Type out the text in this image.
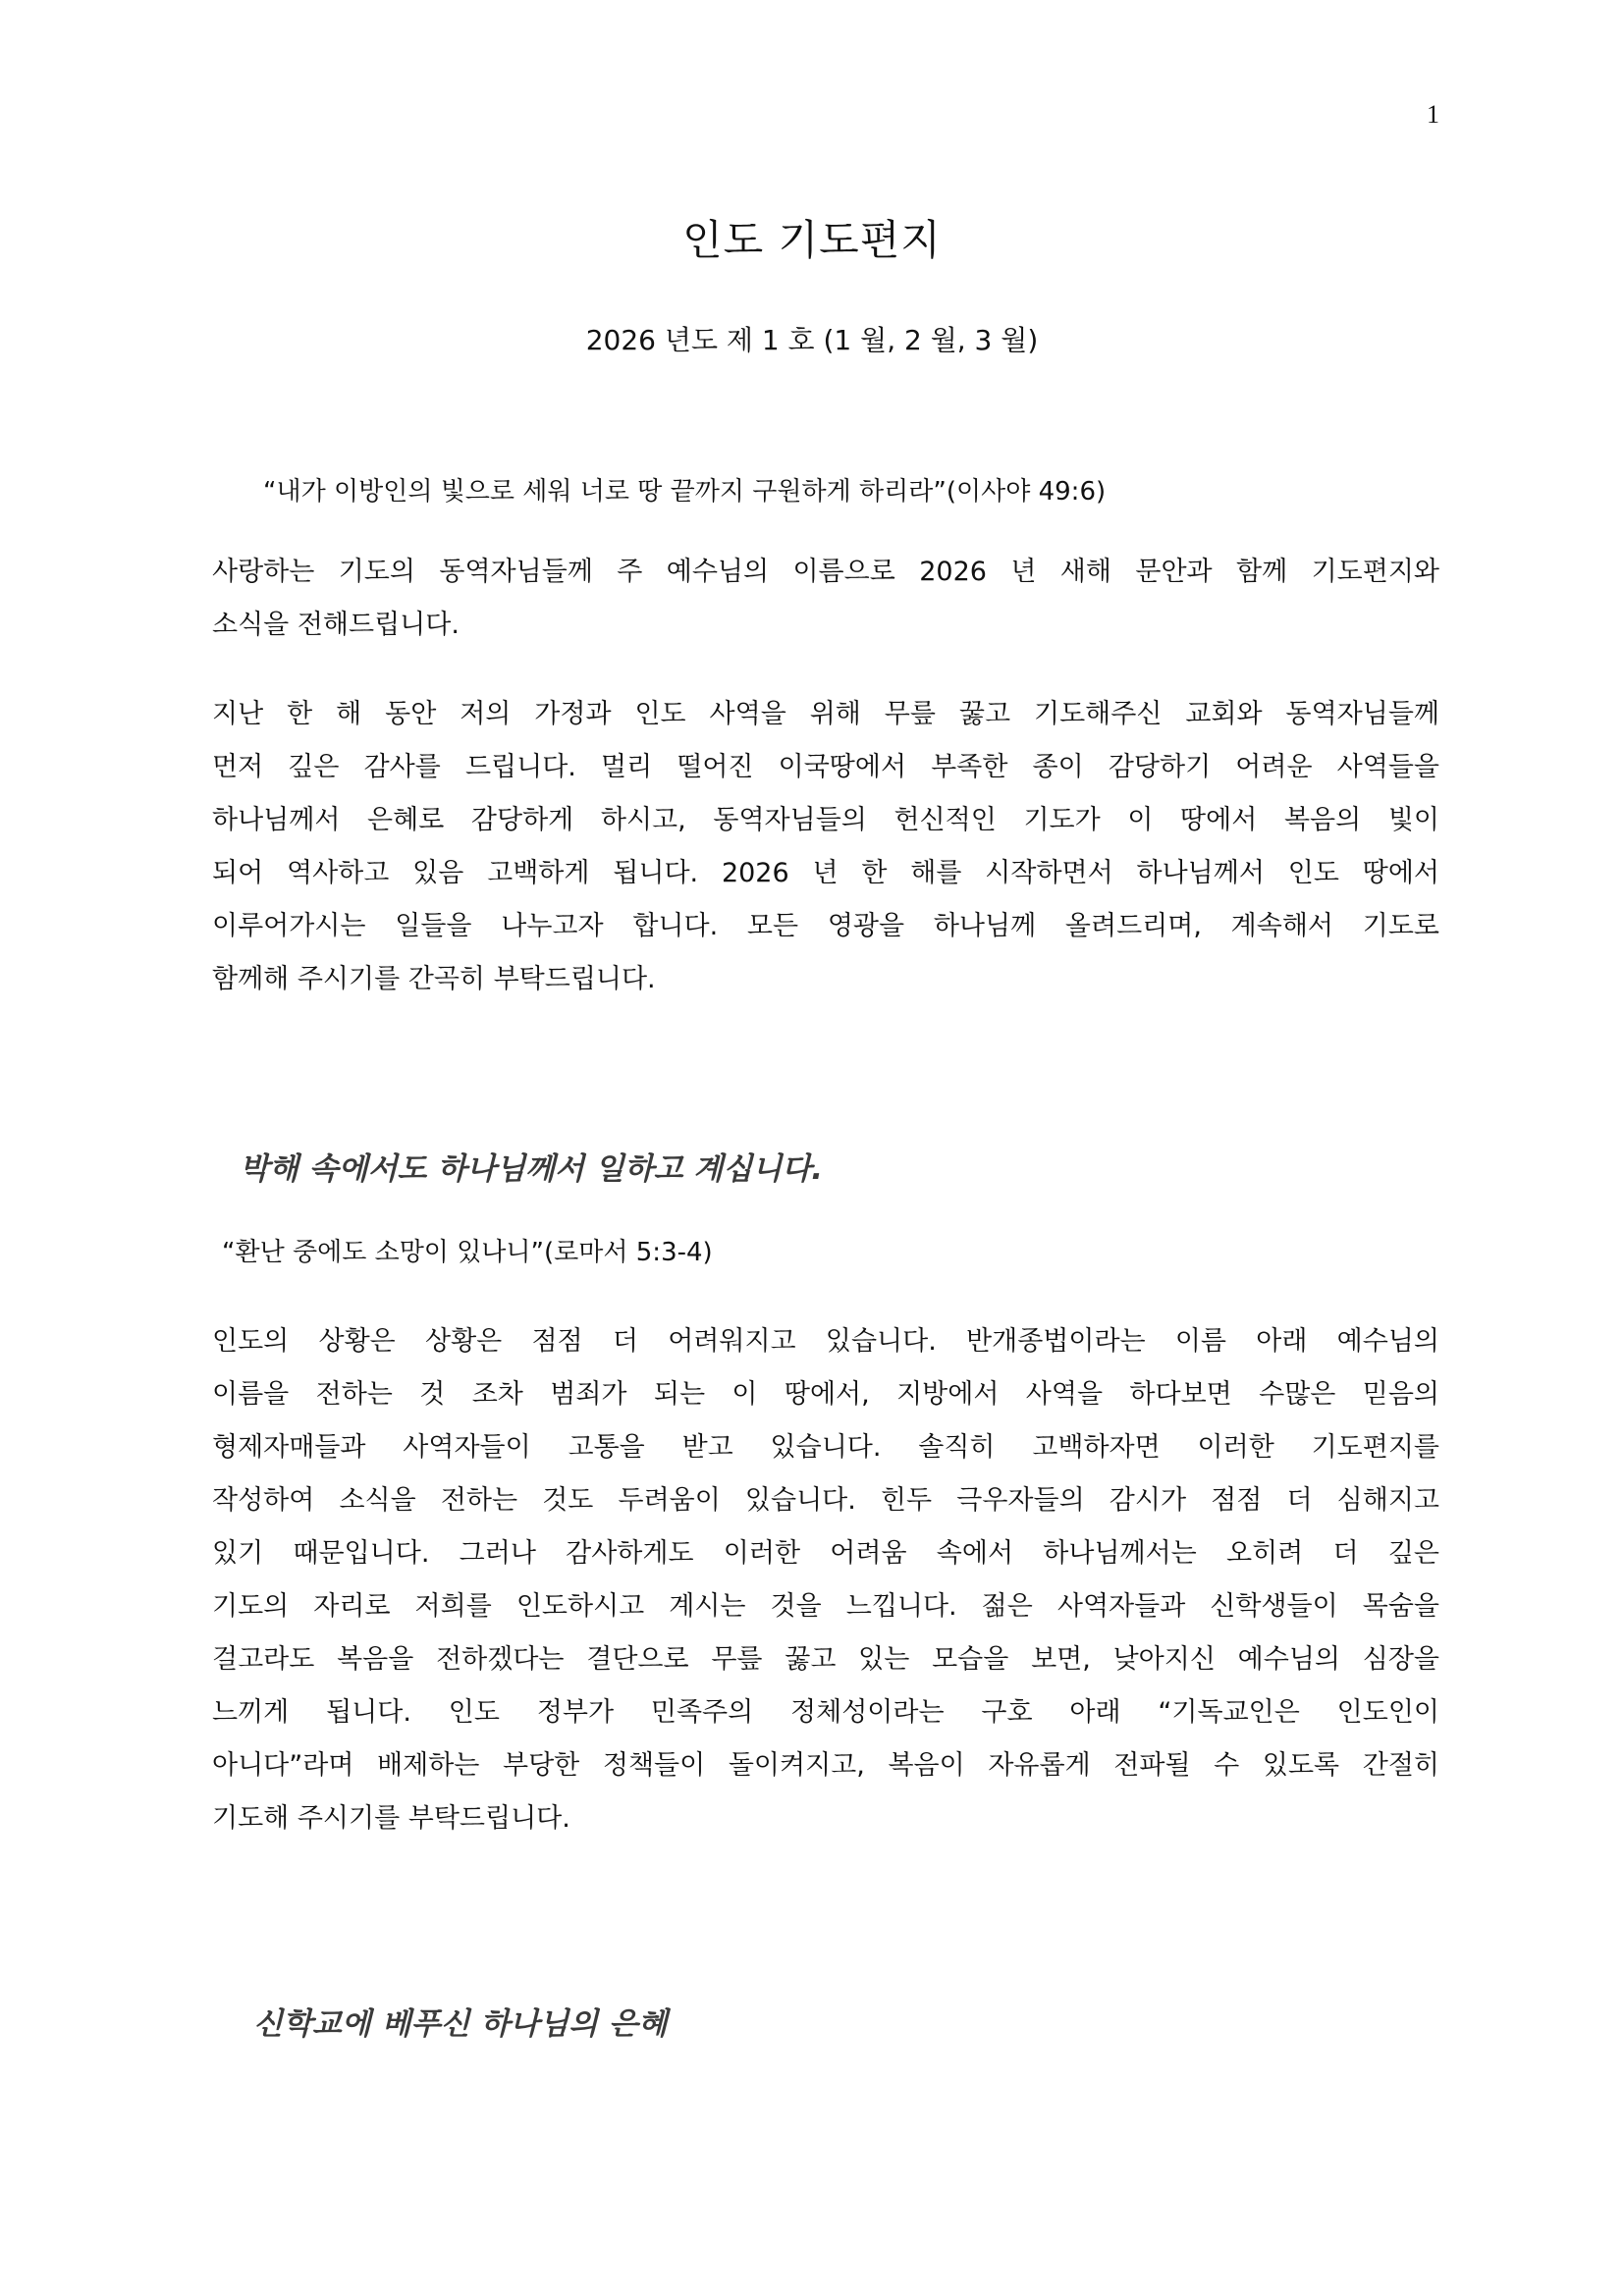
1
인도 기도편지
2026 년도 제 1 호 (1 월, 2 월, 3 월)
“내가 이방인의 빛으로 세워 너로 땅 끝까지 구원하게 하리라”(이사야 49:6)

사랑하는 기도의 동역자님들께 주 예수님의 이름으로 2026 년 새해 문안과 함께 기도편지와
소식을 전해드립니다.

지난 한 해 동안 저의 가정과 인도 사역을 위해 무릎 꿇고 기도해주신 교회와 동역자님들께
먼저 깊은 감사를 드립니다. 멀리 떨어진 이국땅에서 부족한 종이 감당하기 어려운 사역들을
하나님께서 은혜로 감당하게 하시고, 동역자님들의 헌신적인 기도가 이 땅에서 복음의 빛이
되어 역사하고 있음 고백하게 됩니다. 2026 년 한 해를 시작하면서 하나님께서 인도 땅에서
이루어가시는 일들을 나누고자 합니다. 모든 영광을 하나님께 올려드리며, 계속해서 기도로
함께해 주시기를 간곡히 부탁드립니다.

박해 속에서도 하나님께서 일하고 계십니다.
“환난 중에도 소망이 있나니”(로마서 5:3-4)

인도의 상황은 상황은 점점 더 어려워지고 있습니다. 반개종법이라는 이름 아래 예수님의
이름을 전하는 것 조차 범죄가 되는 이 땅에서, 지방에서 사역을 하다보면 수많은 믿음의
형제자매들과 사역자들이 고통을 받고 있습니다. 솔직히 고백하자면 이러한 기도편지를
작성하여 소식을 전하는 것도 두려움이 있습니다. 힌두 극우자들의 감시가 점점 더 심해지고
있기 때문입니다. 그러나 감사하게도 이러한 어려움 속에서 하나님께서는 오히려 더 깊은
기도의 자리로 저희를 인도하시고 계시는 것을 느낍니다. 젊은 사역자들과 신학생들이 목숨을
걸고라도 복음을 전하겠다는 결단으로 무릎 꿇고 있는 모습을 보면, 낮아지신 예수님의 심장을
느끼게 됩니다. 인도 정부가 민족주의 정체성이라는 구호 아래 “기독교인은 인도인이
아니다”라며 배제하는 부당한 정책들이 돌이켜지고, 복음이 자유롭게 전파될 수 있도록 간절히
기도해 주시기를 부탁드립니다.

신학교에 베푸신 하나님의 은혜
